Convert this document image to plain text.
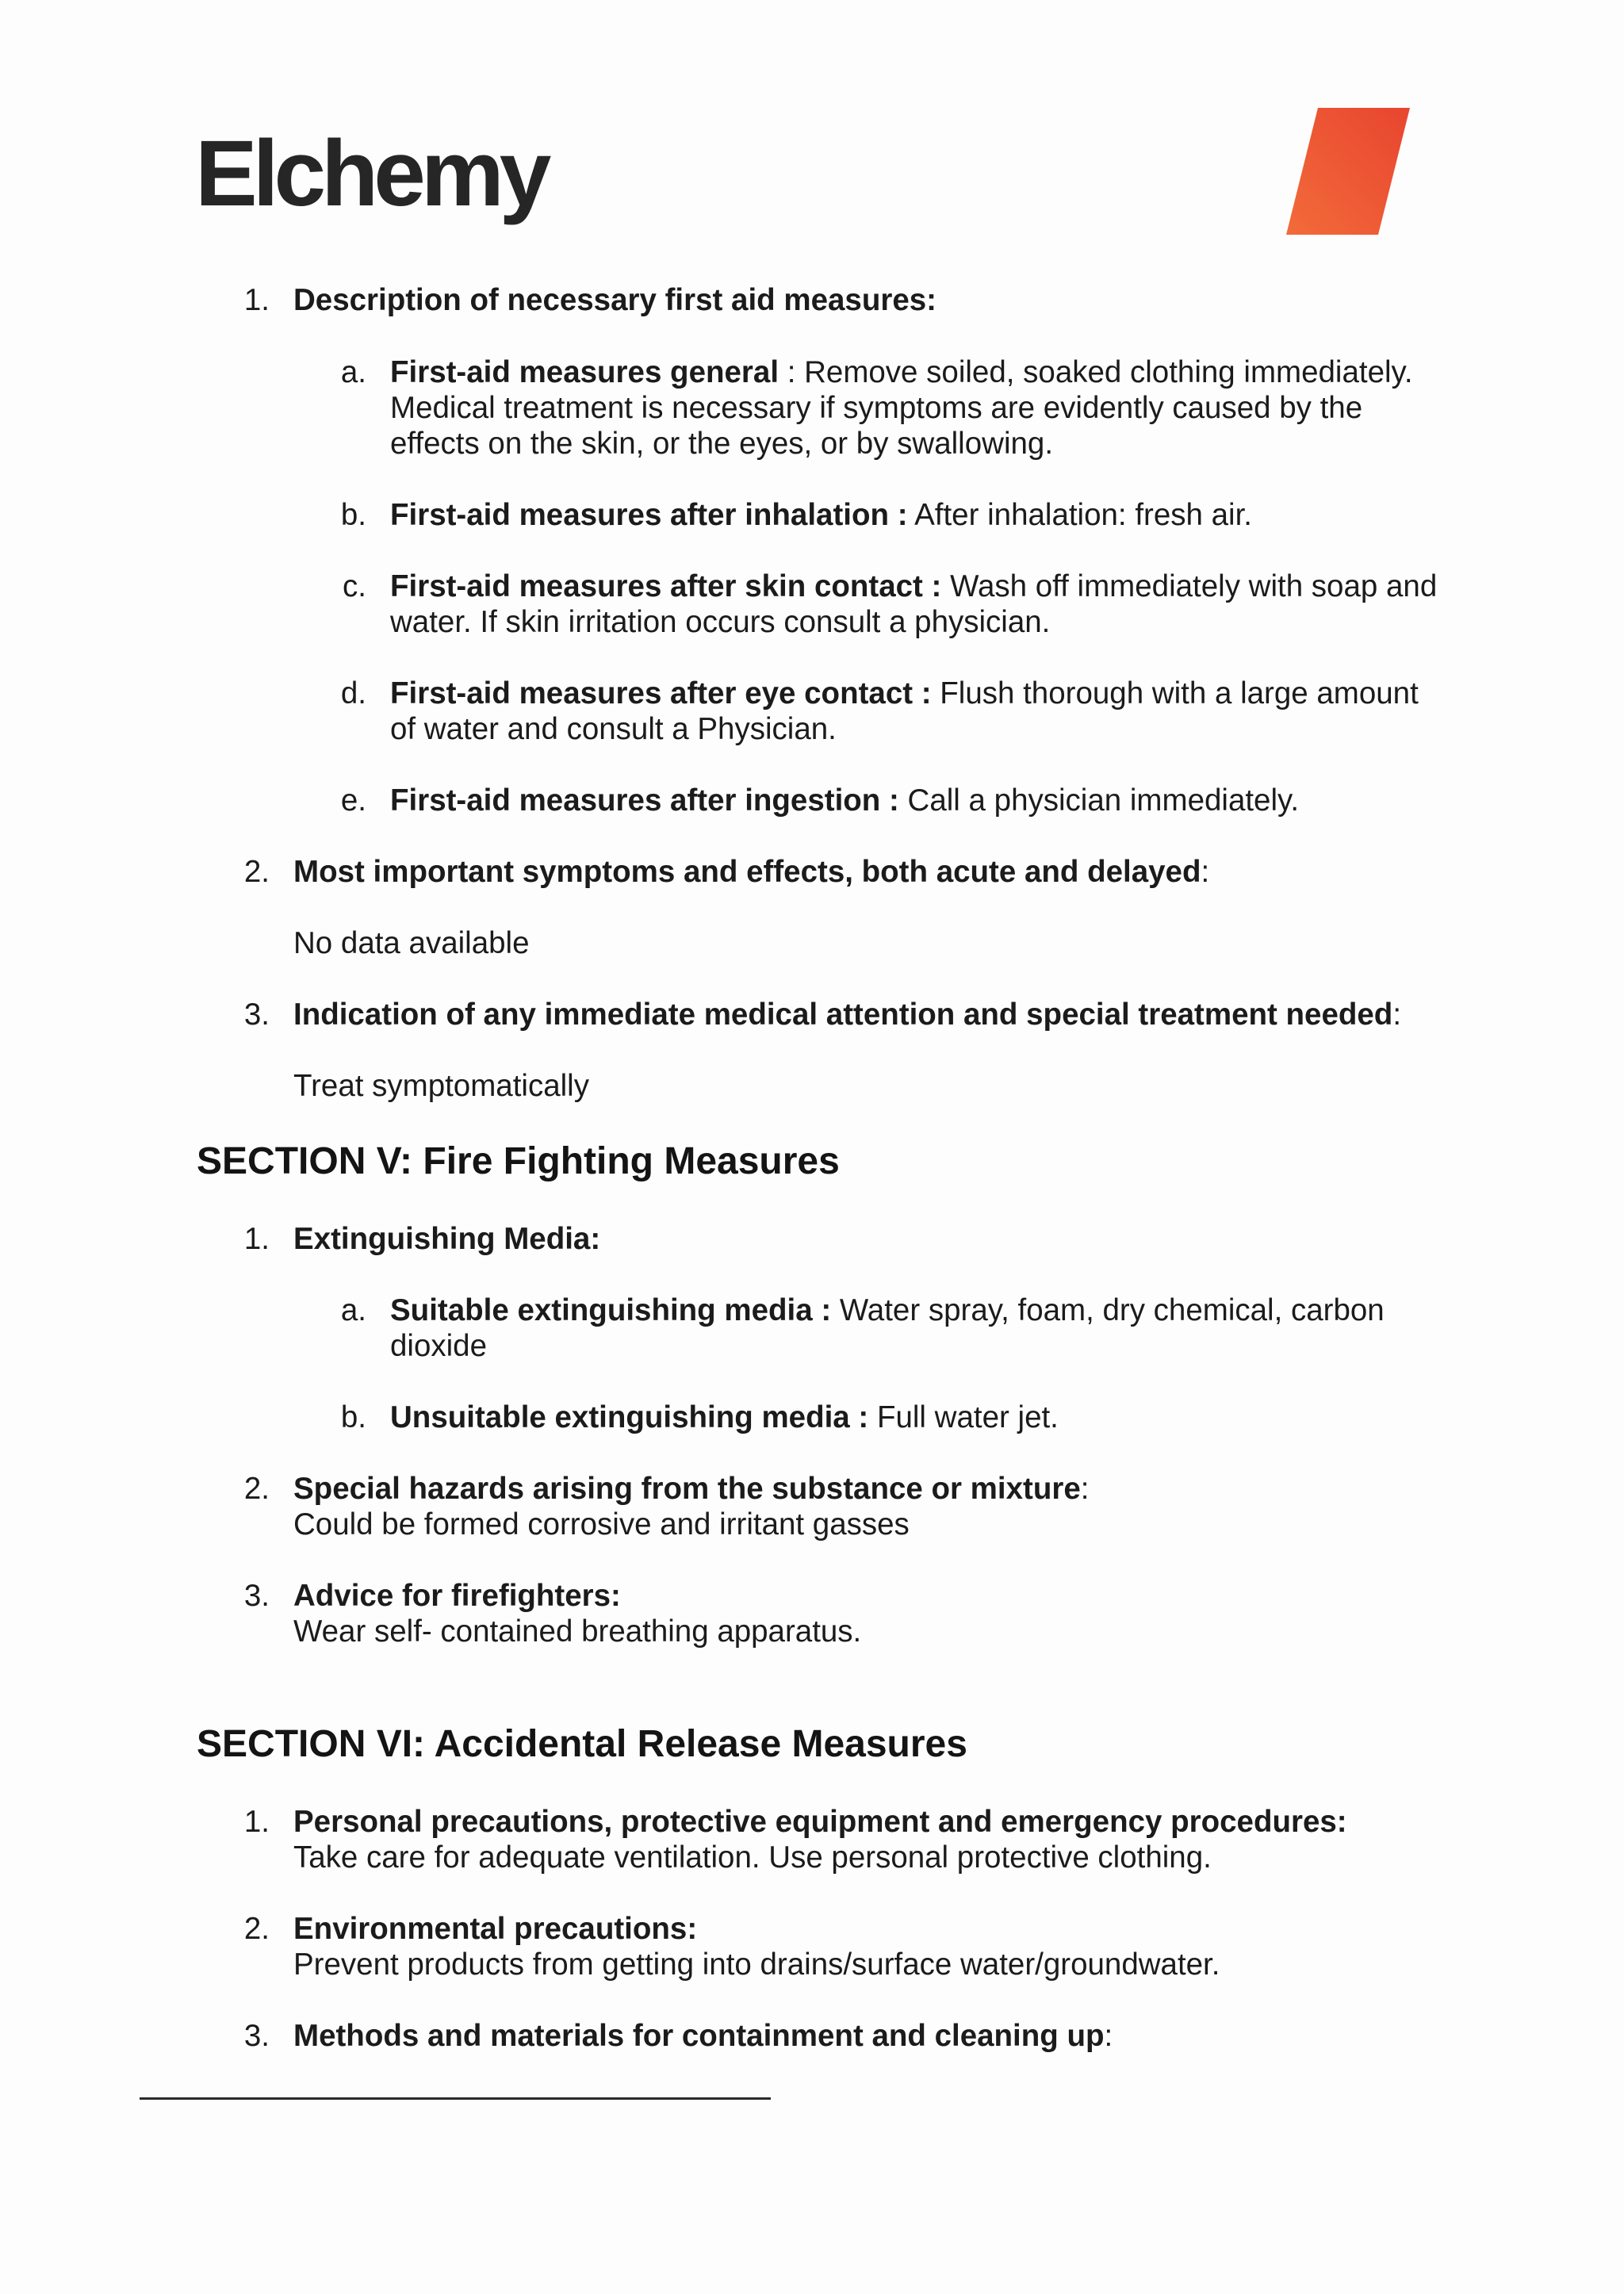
Elchemy
1. Description of necessary first aid measures:
a. First-aid measures general : Remove soiled, soaked clothing immediately.
Medical treatment is necessary if symptoms are evidently caused by the
effects on the skin, or the eyes, or by swallowing.
b. First-aid measures after inhalation : After inhalation: fresh air.
c. First-aid measures after skin contact : Wash off immediately with soap and
water. If skin irritation occurs consult a physician.
d. First-aid measures after eye contact : Flush thorough with a large amount
of water and consult a Physician.
e. First-aid measures after ingestion : Call a physician immediately.
2. Most important symptoms and effects, both acute and delayed:
No data available
3. Indication of any immediate medical attention and special treatment needed:
Treat symptomatically
SECTION V: Fire Fighting Measures
1. Extinguishing Media:
a. Suitable extinguishing media : Water spray, foam, dry chemical, carbon
dioxide
b. Unsuitable extinguishing media : Full water jet.
2. Special hazards arising from the substance or mixture:
Could be formed corrosive and irritant gasses
3. Advice for firefighters:
Wear self- contained breathing apparatus.
SECTION VI: Accidental Release Measures
1. Personal precautions, protective equipment and emergency procedures:
Take care for adequate ventilation. Use personal protective clothing.
2. Environmental precautions:
Prevent products from getting into drains/surface water/groundwater.
3. Methods and materials for containment and cleaning up:
